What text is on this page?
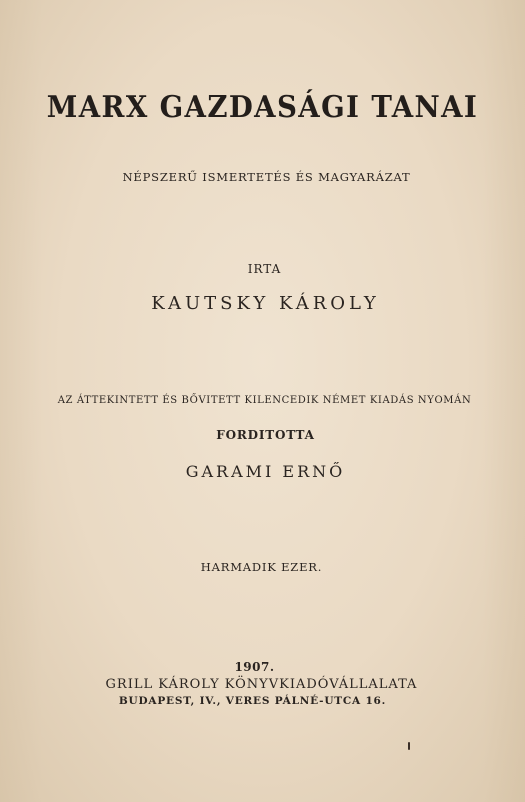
MARX GAZDASÁGI TANAI
NÉPSZERŰ ISMERTETÉS ÉS MAGYARÁZAT
IRTA
KAUTSKY KÁROLY
AZ ÁTTEKINTETT ÉS BŐVITETT KILENCEDIK NÉMET KIADÁS NYOMÁN
FORDITOTTA
GARAMI ERNŐ
HARMADIK EZER.
1907.
GRILL KÁROLY KÖNYVKIADÓVÁLLALATA
BUDAPEST, IV., VERES PÁLNÉ-UTCA 16.
